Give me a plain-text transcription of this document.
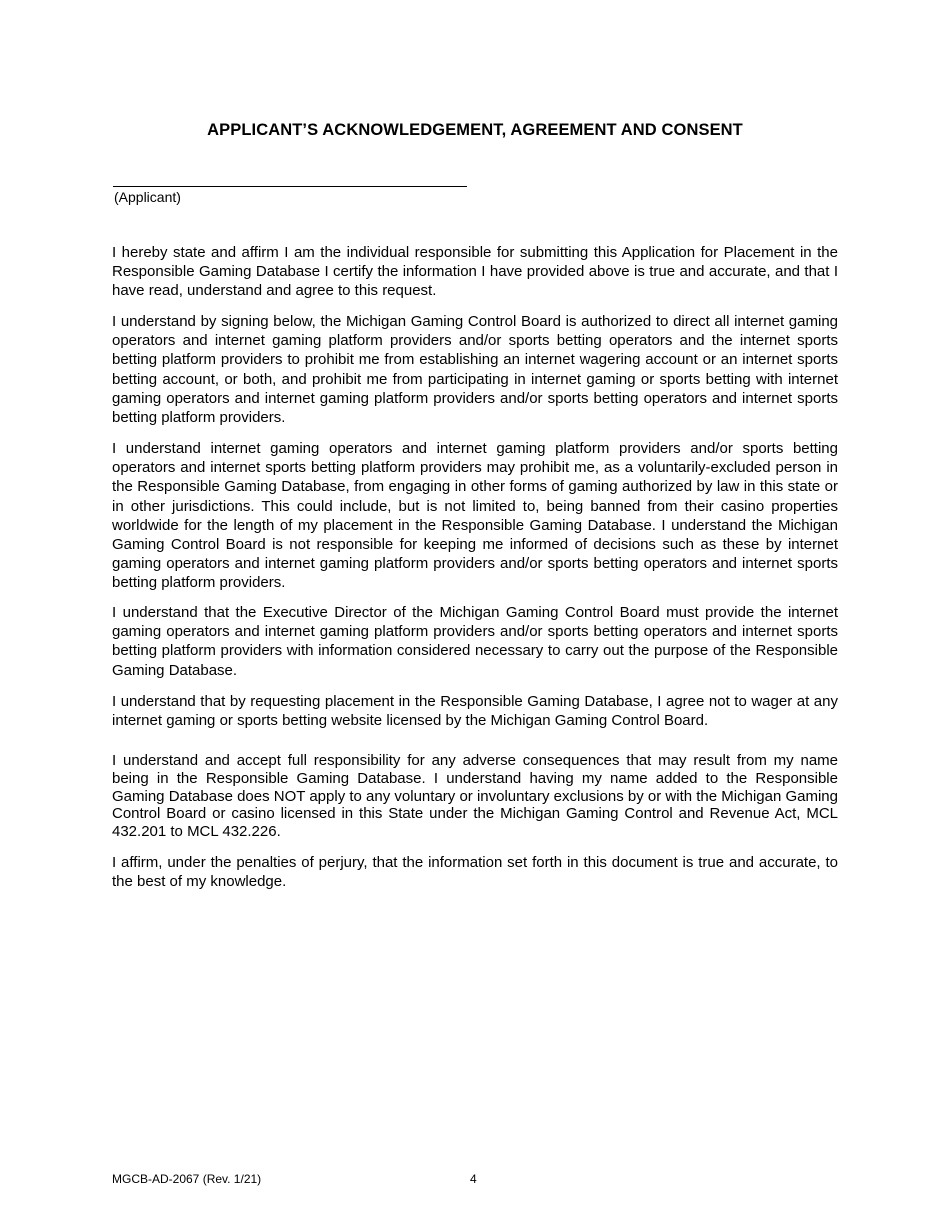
APPLICANT’S ACKNOWLEDGEMENT, AGREEMENT AND CONSENT
(Applicant)

I hereby state and affirm I am the individual responsible for submitting this Application for Placement in the Responsible Gaming Database I certify the information I have provided above is true and accurate, and that I have read, understand and agree to this request.

I understand by signing below, the Michigan Gaming Control Board is authorized to direct all internet gaming operators and internet gaming platform providers and/or sports betting operators and the internet sports betting platform providers to prohibit me from establishing an internet wagering account or an internet sports betting account, or both, and prohibit me from participating in internet gaming or sports betting with internet gaming operators and internet gaming platform providers and/or sports betting operators and internet sports betting platform providers.

I understand internet gaming operators and internet gaming platform providers and/or sports betting operators and internet sports betting platform providers may prohibit me, as a voluntarily-excluded person in the Responsible Gaming Database, from engaging in other forms of gaming authorized by law in this state or in other jurisdictions. This could include, but is not limited to, being banned from their casino properties worldwide for the length of my placement in the Responsible Gaming Database. I understand the Michigan Gaming Control Board is not responsible for keeping me informed of decisions such as these by internet gaming operators and internet gaming platform providers and/or sports betting operators and internet sports betting platform providers.

I understand that the Executive Director of the Michigan Gaming Control Board must provide the internet gaming operators and internet gaming platform providers and/or sports betting operators and internet sports betting platform providers with information considered necessary to carry out the purpose of the Responsible Gaming Database.

I understand that by requesting placement in the Responsible Gaming Database, I agree not to wager at any internet gaming or sports betting website licensed by the Michigan Gaming Control Board.

I understand and accept full responsibility for any adverse consequences that may result from my name being in the Responsible Gaming Database. I understand having my name added to the Responsible Gaming Database does NOT apply to any voluntary or involuntary exclusions by or with the Michigan Gaming Control Board or casino licensed in this State under the Michigan Gaming Control and Revenue Act, MCL 432.201 to MCL 432.226.

I affirm, under the penalties of perjury, that the information set forth in this document is true and accurate, to the best of my knowledge.

MGCB-AD-2067 (Rev. 1/21)	4
